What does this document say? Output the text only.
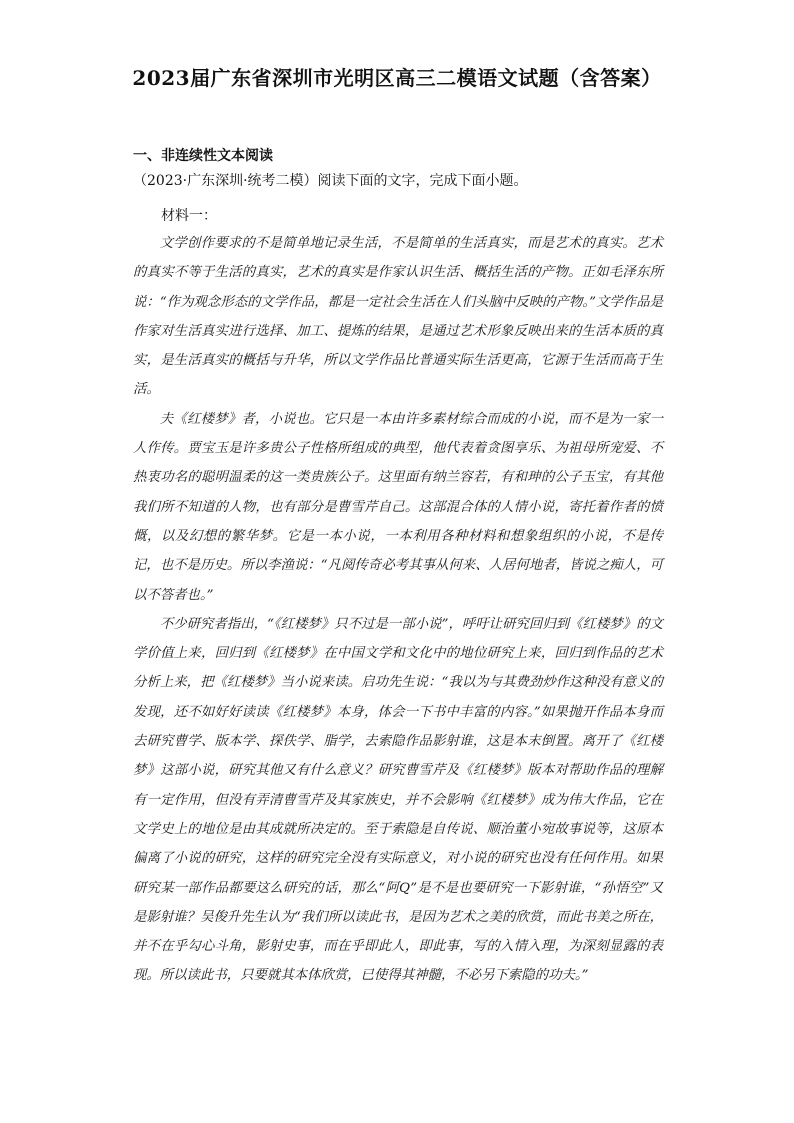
2023届广东省深圳市光明区高三二模语文试题（含答案）
一、非连续性文本阅读
（2023·广东深圳·统考二模）阅读下面的文字，完成下面小题。
材料一：

文学创作要求的不是简单地记录生活，不是简单的生活真实，而是艺术的真实。艺术的真实不等于生活的真实，艺术的真实是作家认识生活、概括生活的产物。正如毛泽东所说：“作为观念形态的文学作品，都是一定社会生活在人们头脑中反映的产物。”文学作品是作家对生活真实进行选择、加工、提炼的结果，是通过艺术形象反映出来的生活本质的真实，是生活真实的概括与升华，所以文学作品比普通实际生活更高，它源于生活而高于生活。

夫《红楼梦》者，小说也。它只是一本由许多素材综合而成的小说，而不是为一家一人作传。贾宝玉是许多贵公子性格所组成的典型，他代表着贪图享乐、为祖母所宠爱、不热衷功名的聪明温柔的这一类贵族公子。这里面有纳兰容若，有和珅的公子玉宝，有其他我们所不知道的人物，也有部分是曹雪芹自己。这部混合体的人情小说，寄托着作者的愤慨，以及幻想的繁华梦。它是一本小说，一本利用各种材料和想象组织的小说，不是传记，也不是历史。所以李渔说：“凡阅传奇必考其事从何来、人居何地者，皆说之痴人，可以不答者也。”

不少研究者指出，“《红楼梦》只不过是一部小说”，呼吁让研究回归到《红楼梦》的文学价值上来，回归到《红楼梦》在中国文学和文化中的地位研究上来，回归到作品的艺术分析上来，把《红楼梦》当小说来读。启功先生说：“我以为与其费劲炒作这种没有意义的发现，还不如好好读读《红楼梦》本身，体会一下书中丰富的内容。”如果抛开作品本身而去研究曹学、版本学、探佚学、脂学，去索隐作品影射谁，这是本末倒置。离开了《红楼梦》这部小说，研究其他又有什么意义？研究曹雪芹及《红楼梦》版本对帮助作品的理解有一定作用，但没有弄清曹雪芹及其家族史，并不会影响《红楼梦》成为伟大作品，它在文学史上的地位是由其成就所决定的。至于索隐是自传说、顺治董小宛故事说等，这原本偏离了小说的研究，这样的研究完全没有实际意义，对小说的研究也没有任何作用。如果研究某一部作品都要这么研究的话，那么“阿Q”是不是也要研究一下影射谁，“孙悟空”又是影射谁？吴俊升先生认为“我们所以读此书，是因为艺术之美的欣赏，而此书美之所在，并不在乎勾心斗角，影射史事，而在乎即此人，即此事，写的入情入理，为深刻显露的表现。所以读此书，只要就其本体欣赏，已使得其神髓，不必另下索隐的功夫。”
